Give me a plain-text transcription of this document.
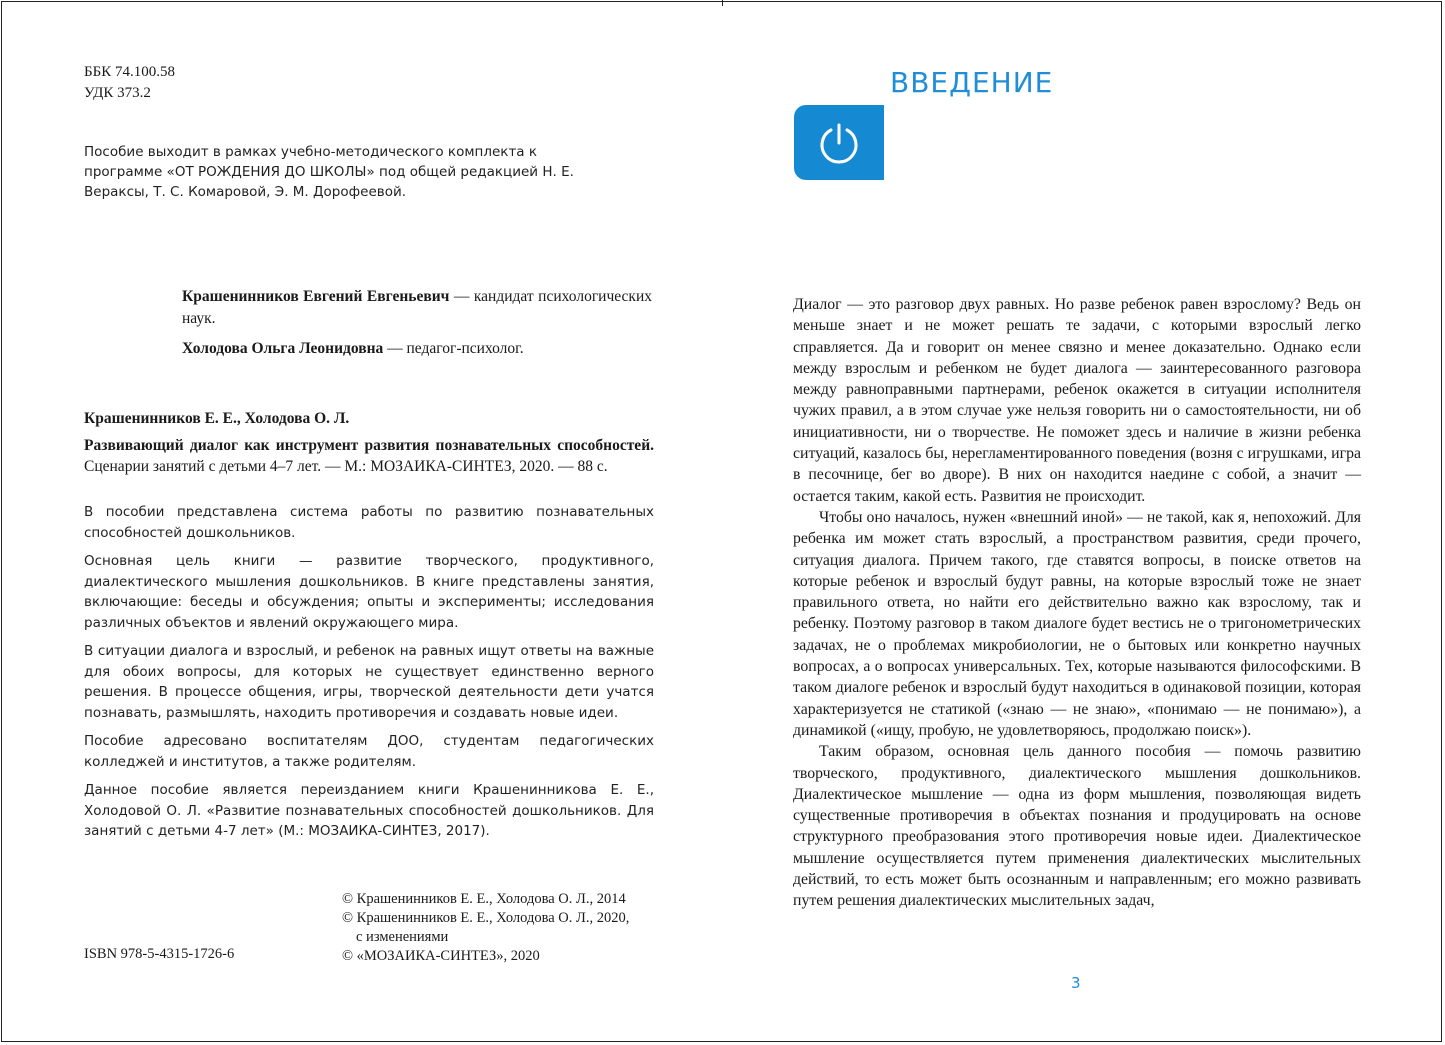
ББК 74.100.58
УДК 373.2
Пособие выходит в рамках учебно-методического комплекта к программе «ОТ РОЖДЕНИЯ ДО ШКОЛЫ» под общей редакцией Н. Е. Вераксы, Т. С. Комаровой, Э. М. Дорофеевой.

Крашенинников Евгений Евгеньевич — кандидат психологических наук.

Холодова Ольга Леонидовна — педагог-психолог.

Крашенинников Е. Е., Холодова О. Л.

Развивающий диалог как инструмент развития познавательных способностей. Сценарии занятий с детьми 4–7 лет. — М.: МОЗАИКА-СИНТЕЗ, 2020. — 88 с.

В пособии представлена система работы по развитию познавательных способностей дошкольников.

Основная цель книги — развитие творческого, продуктивного, диалектического мышления дошкольников. В книге представлены занятия, включающие: беседы и обсуждения; опыты и эксперименты; исследования различных объектов и явлений окружающего мира.

В ситуации диалога и взрослый, и ребенок на равных ищут ответы на важные для обоих вопросы, для которых не существует единственно верного решения. В процессе общения, игры, творческой деятельности дети учатся познавать, размышлять, находить противоречия и создавать новые идеи.

Пособие адресовано воспитателям ДОО, студентам педагогических колледжей и институтов, а также родителям.

Данное пособие является переизданием книги Крашенинникова Е. Е., Холодовой О. Л. «Развитие познавательных способностей дошкольников. Для занятий с детьми 4-7 лет» (М.: МОЗАИКА-СИНТЕЗ, 2017).

© Крашенинников Е. Е., Холодова О. Л., 2014
© Крашенинников Е. Е., Холодова О. Л., 2020,
с изменениями
© «МОЗАИКА-СИНТЕЗ», 2020
ISBN 978-5-4315-1726-6
ВВЕДЕНИЕ

Диалог — это разговор двух равных. Но разве ребенок равен взрослому? Ведь он меньше знает и не может решать те задачи, с которыми взрослый легко справляется. Да и говорит он менее связно и менее доказательно. Однако если между взрослым и ребенком не будет диалога — заинтересованного разговора между равноправными партнерами, ребенок окажется в ситуации исполнителя чужих правил, а в этом случае уже нельзя говорить ни о самостоятельности, ни об инициативности, ни о творчестве. Не поможет здесь и наличие в жизни ребенка ситуаций, казалось бы, нерегламентированного поведения (возня с игрушками, игра в песочнице, бег во дворе). В них он находится наедине с собой, а значит — остается таким, какой есть. Развития не происходит.

Чтобы оно началось, нужен «внешний иной» — не такой, как я, непохожий. Для ребенка им может стать взрослый, а пространством развития, среди прочего, ситуация диалога. Причем такого, где ставятся вопросы, в поиске ответов на которые ребенок и взрослый будут равны, на которые взрослый тоже не знает правильного ответа, но найти его действительно важно как взрослому, так и ребенку. Поэтому разговор в таком диалоге будет вестись не о тригонометрических задачах, не о проблемах микробиологии, не о бытовых или конкретно научных вопросах, а о вопросах универсальных. Тех, которые называются философскими. В таком диалоге ребенок и взрослый будут находиться в одинаковой позиции, которая характеризуется не статикой («знаю — не знаю», «понимаю — не понимаю»), а динамикой («ищу, пробую, не удовлетворяюсь, продолжаю поиск»).

Таким образом, основная цель данного пособия — помочь развитию творческого, продуктивного, диалектического мышления дошкольников. Диалектическое мышление — одна из форм мышления, позволяющая видеть существенные противоречия в объектах познания и продуцировать на основе структурного преобразования этого противоречия новые идеи. Диалектическое мышление осуществляется путем применения диалектических мыслительных действий, то есть может быть осознанным и направленным; его можно развивать путем решения диалектических мыслительных задач,

3
